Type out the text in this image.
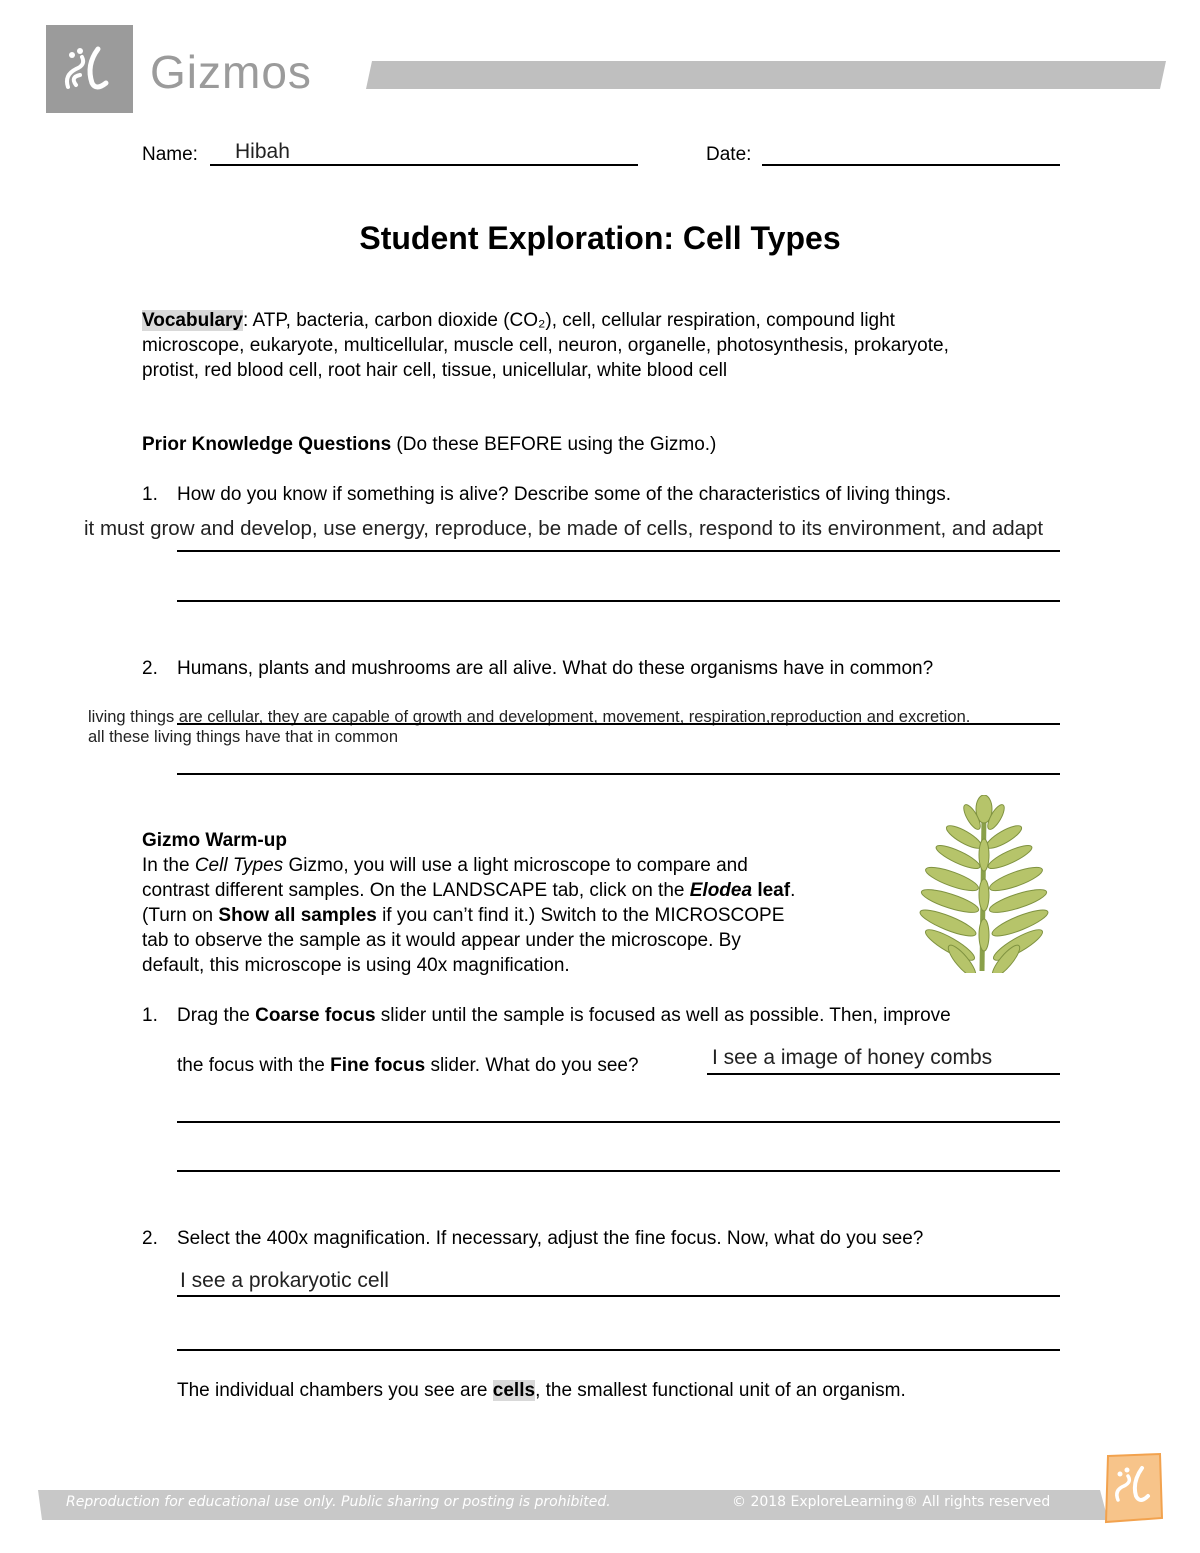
Gizmos
Name: Hibah	Date:
Student Exploration: Cell Types
Vocabulary: ATP, bacteria, carbon dioxide (CO₂), cell, cellular respiration, compound light
microscope, eukaryote, multicellular, muscle cell, neuron, organelle, photosynthesis, prokaryote,
protist, red blood cell, root hair cell, tissue, unicellular, white blood cell
Prior Knowledge Questions (Do these BEFORE using the Gizmo.)
1. How do you know if something is alive? Describe some of the characteristics of living things.
it must grow and develop, use energy, reproduce, be made of cells, respond to its environment, and adapt
2. Humans, plants and mushrooms are all alive. What do these organisms have in common?
living things are cellular, they are capable of growth and development, movement, respiration,reproduction and excretion.
all these living things have that in common
Gizmo Warm-up
In the Cell Types Gizmo, you will use a light microscope to compare and
contrast different samples. On the LANDSCAPE tab, click on the Elodea leaf.
(Turn on Show all samples if you can’t find it.) Switch to the MICROSCOPE
tab to observe the sample as it would appear under the microscope. By
default, this microscope is using 40x magnification.
1. Drag the Coarse focus slider until the sample is focused as well as possible. Then, improve
the focus with the Fine focus slider. What do you see?	I see a image of honey combs
2. Select the 400x magnification. If necessary, adjust the fine focus. Now, what do you see?
I see a prokaryotic cell
The individual chambers you see are cells, the smallest functional unit of an organism.
Reproduction for educational use only. Public sharing or posting is prohibited.	© 2018 ExploreLearning® All rights reserved
